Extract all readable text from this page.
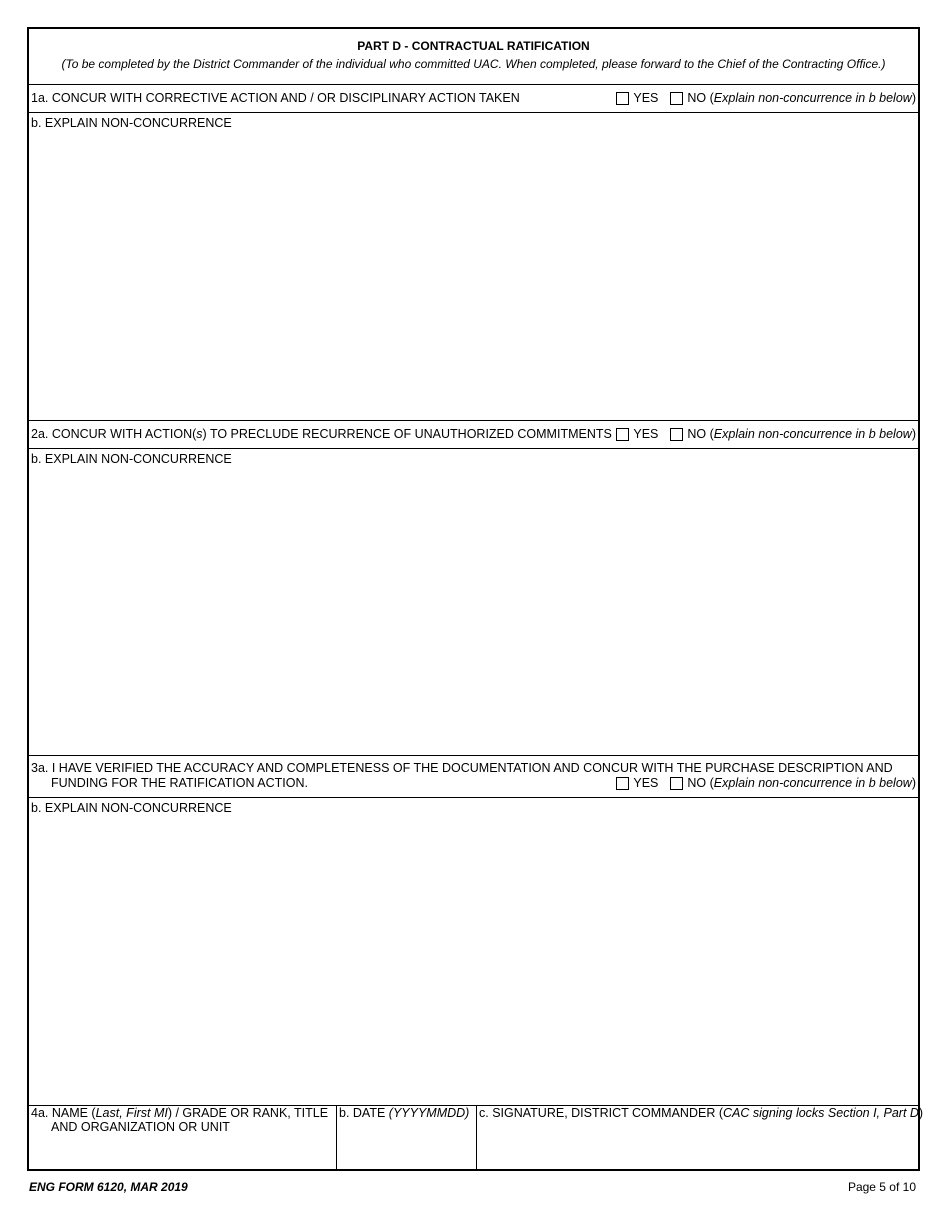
PART D - CONTRACTUAL RATIFICATION
(To be completed by the District Commander of the individual who committed UAC. When completed, please forward to the Chief of the Contracting Office.)
1a. CONCUR WITH CORRECTIVE ACTION AND / OR DISCIPLINARY ACTION TAKEN	YES NO (Explain non-concurrence in b below)
b. EXPLAIN NON-CONCURRENCE
2a. CONCUR WITH ACTION(s) TO PRECLUDE RECURRENCE OF UNAUTHORIZED COMMITMENTS YES NO (Explain non-concurrence in b below)
b. EXPLAIN NON-CONCURRENCE
3a. I HAVE VERIFIED THE ACCURACY AND COMPLETENESS OF THE DOCUMENTATION AND CONCUR WITH THE PURCHASE DESCRIPTION AND
FUNDING FOR THE RATIFICATION ACTION.	YES NO (Explain non-concurrence in b below)
b. EXPLAIN NON-CONCURRENCE
4a. NAME (Last, First MI) / GRADE OR RANK, TITLE
AND ORGANIZATION OR UNIT
b. DATE (YYYYMMDD) c. SIGNATURE, DISTRICT COMMANDER (CAC signing locks Section I, Part D)
ENG FORM 6120, MAR 2019	Page 5 of 10
